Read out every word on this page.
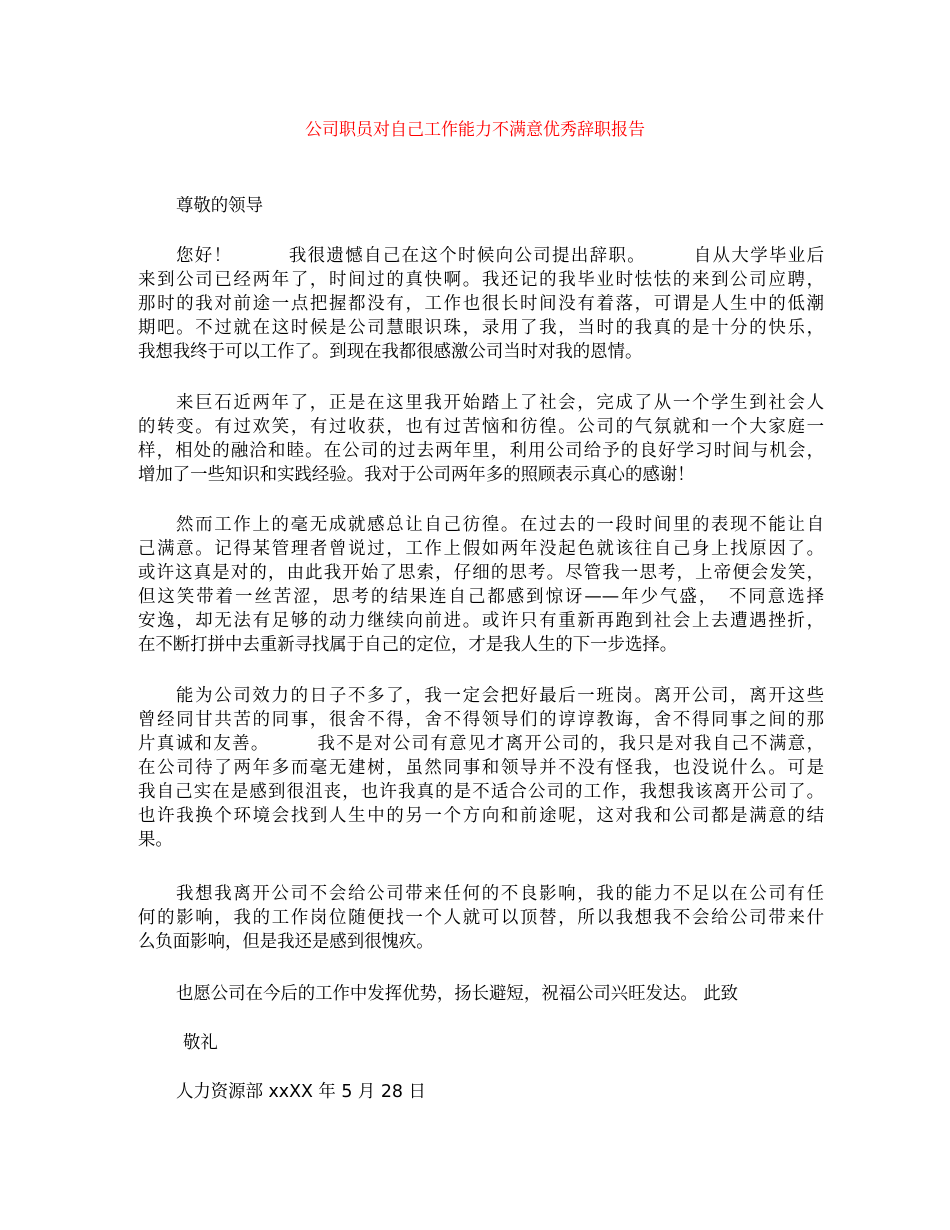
公司职员对自己工作能力不满意优秀辞职报告
尊敬的领导
您好！　　　我很遗憾自己在这个时候向公司提出辞职。　　　自从大学毕业后
来到公司已经两年了，时间过的真快啊。我还记的我毕业时怯怯的来到公司应聘，
那时的我对前途一点把握都没有，工作也很长时间没有着落，可谓是人生中的低潮
期吧。不过就在这时候是公司慧眼识珠，录用了我，当时的我真的是十分的快乐，
我想我终于可以工作了。到现在我都很感激公司当时对我的恩情。
来巨石近两年了，正是在这里我开始踏上了社会，完成了从一个学生到社会人
的转变。有过欢笑，有过收获，也有过苦恼和彷徨。公司的气氛就和一个大家庭一
样，相处的融洽和睦。在公司的过去两年里，利用公司给予的良好学习时间与机会，
增加了一些知识和实践经验。我对于公司两年多的照顾表示真心的感谢！
然而工作上的毫无成就感总让自己彷徨。在过去的一段时间里的表现不能让自
己满意。记得某管理者曾说过，工作上假如两年没起色就该往自己身上找原因了。
或许这真是对的，由此我开始了思索，仔细的思考。尽管我一思考，上帝便会发笑，
但这笑带着一丝苦涩，思考的结果连自己都感到惊讶——年少气盛，　不同意选择
安逸，却无法有足够的动力继续向前进。或许只有重新再跑到社会上去遭遇挫折，
在不断打拼中去重新寻找属于自己的定位，才是我人生的下一步选择。
能为公司效力的日子不多了，我一定会把好最后一班岗。离开公司，离开这些
曾经同甘共苦的同事，很舍不得，舍不得领导们的谆谆教诲，舍不得同事之间的那
片真诚和友善。　　　我不是对公司有意见才离开公司的，我只是对我自己不满意，
在公司待了两年多而毫无建树，虽然同事和领导并不没有怪我，也没说什么。可是
我自己实在是感到很沮丧，也许我真的是不适合公司的工作，我想我该离开公司了。
也许我换个环境会找到人生中的另一个方向和前途呢，这对我和公司都是满意的结
果。
我想我离开公司不会给公司带来任何的不良影响，我的能力不足以在公司有任
何的影响，我的工作岗位随便找一个人就可以顶替，所以我想我不会给公司带来什
么负面影响，但是我还是感到很愧疚。
也愿公司在今后的工作中发挥优势，扬长避短，祝福公司兴旺发达。 此致
敬礼
人力资源部 xxXX 年 5 月 28 日
